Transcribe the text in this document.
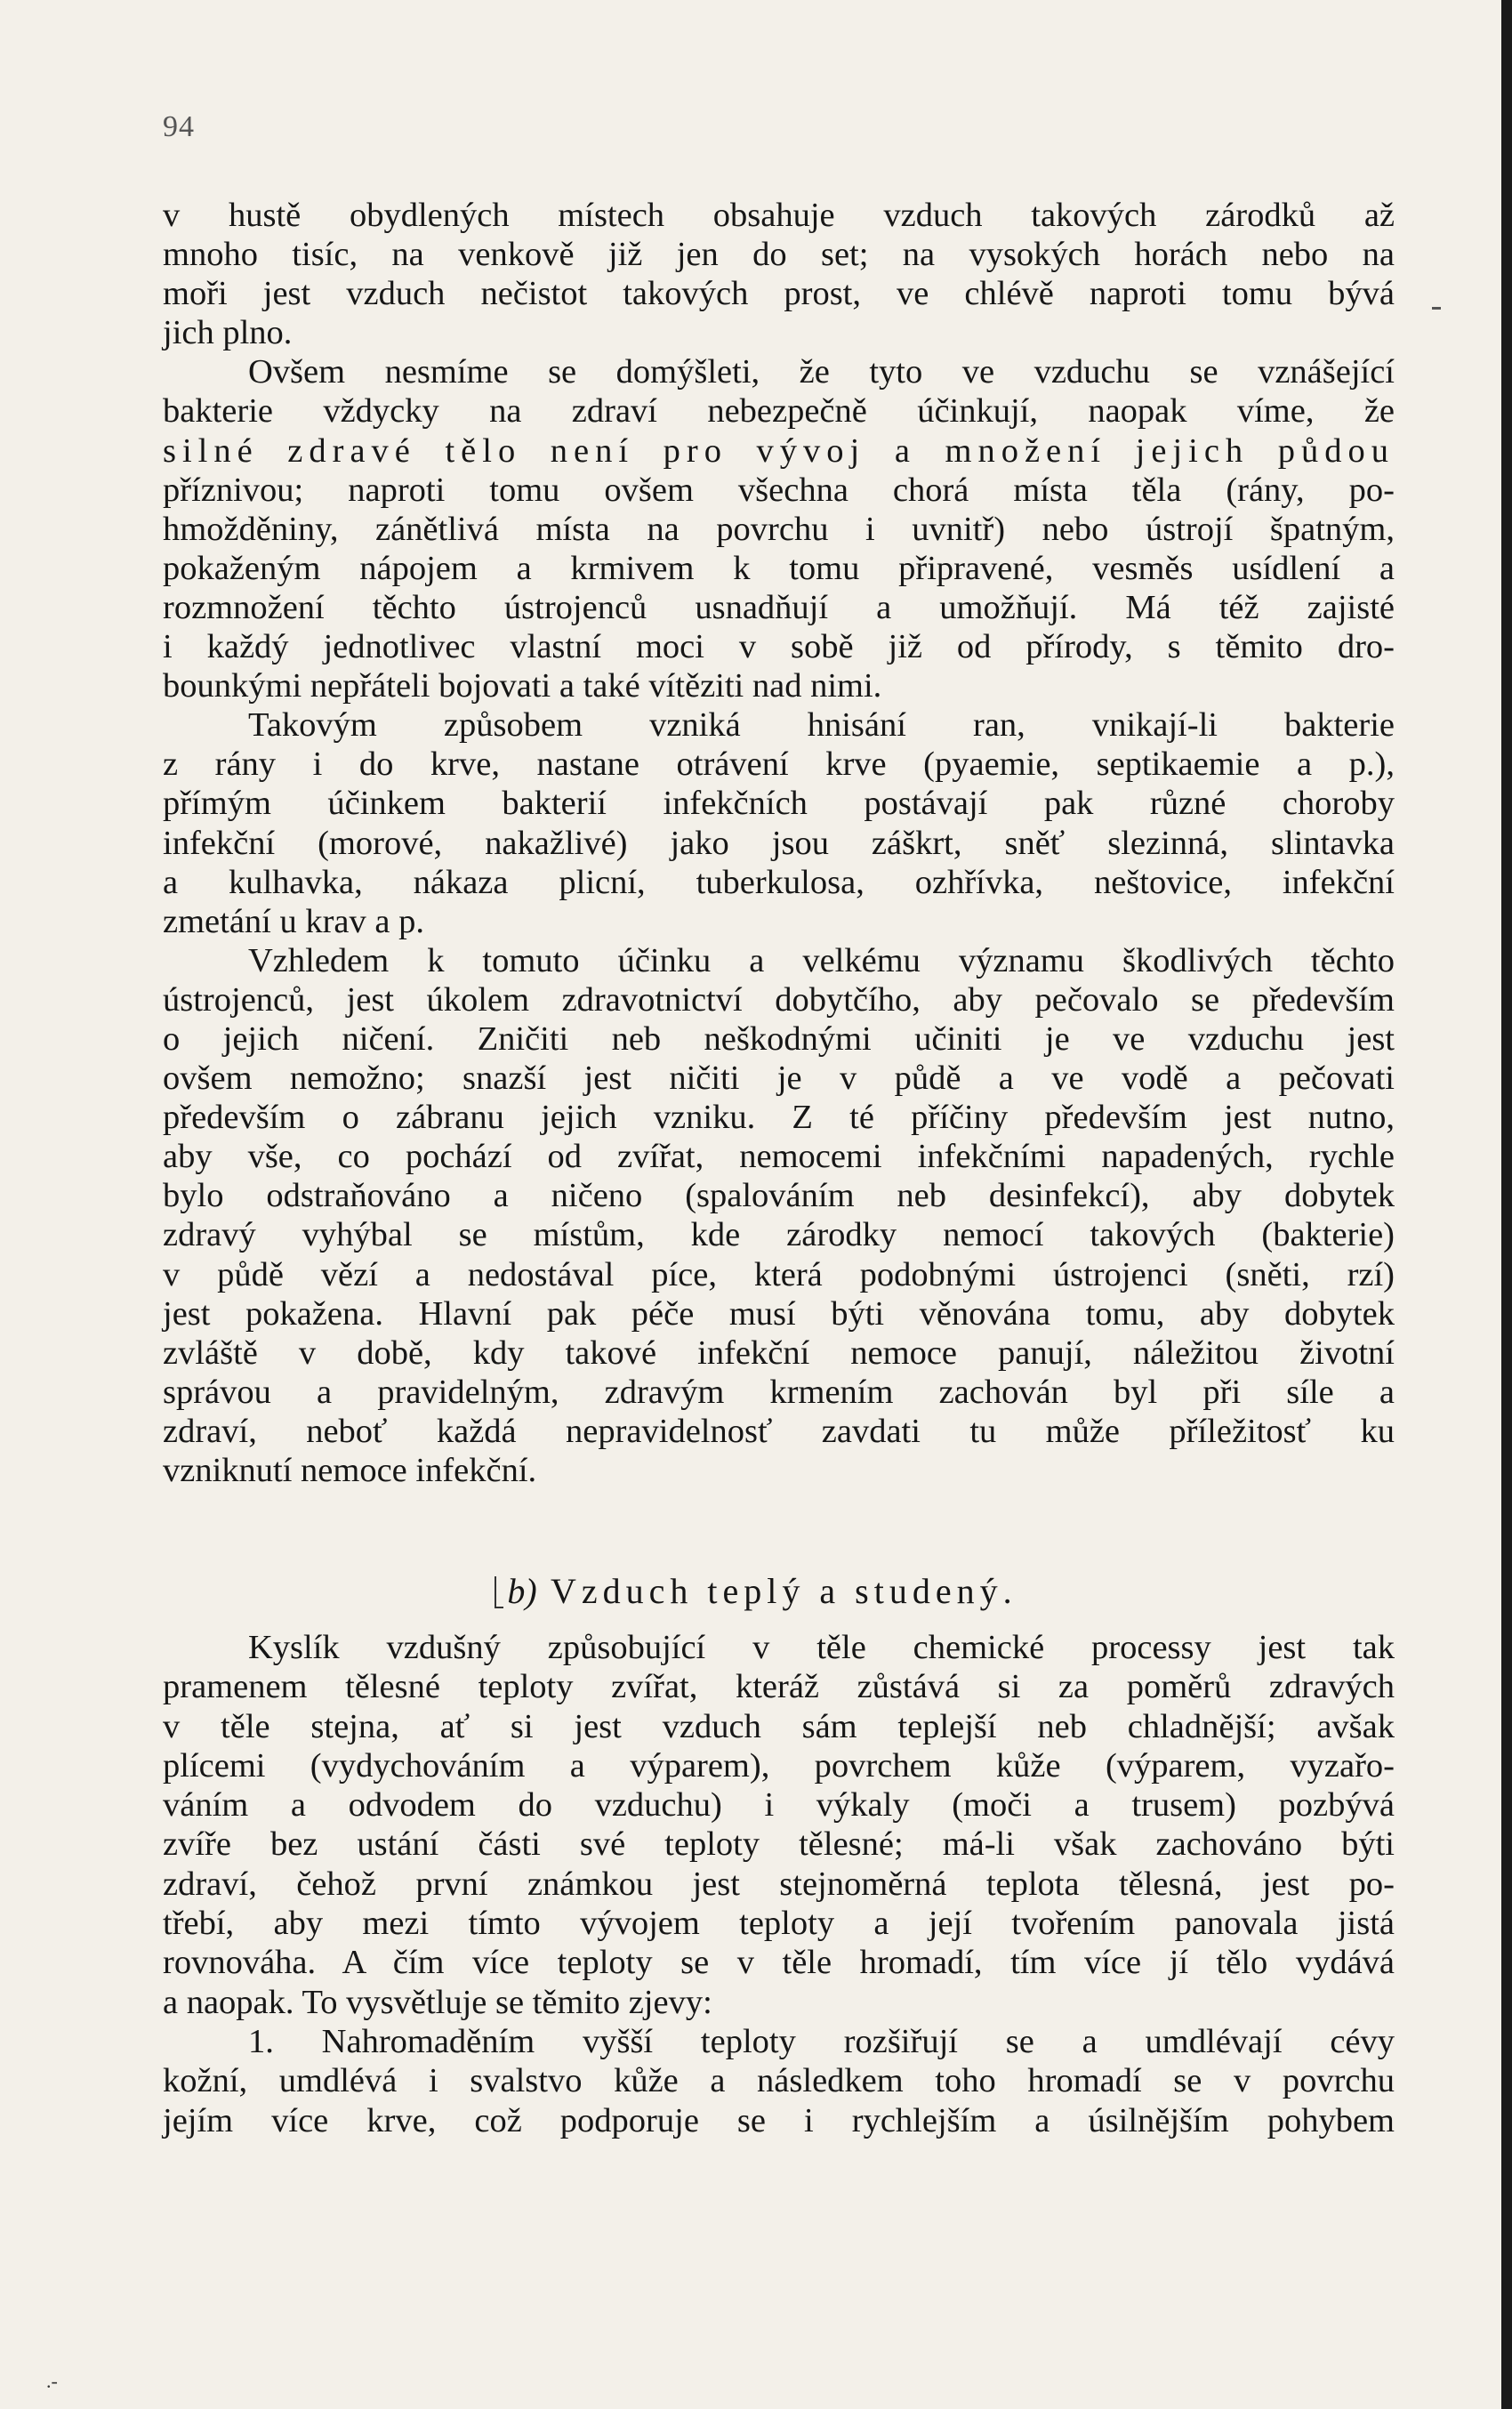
94
v hustě obydlených místech obsahuje vzduch takových zárodků až
mnoho tisíc, na venkově již jen do set; na vysokých horách nebo na
moři jest vzduch nečistot takových prost, ve chlévě naproti tomu bývá
jich plno.
Ovšem nesmíme se domýšleti, že tyto ve vzduchu se vznášející
bakterie vždycky na zdraví nebezpečně účinkují, naopak víme, že
silné zdravé tělo není pro vývoj a množení jejich půdou
příznivou; naproti tomu ovšem všechna chorá místa těla (rány, po-
hmožděniny, zánětlivá místa na povrchu i uvnitř) nebo ústrojí špatným,
pokaženým nápojem a krmivem k tomu připravené, vesměs usídlení a
rozmnožení těchto ústrojenců usnadňují a umožňují. Má též zajisté
i každý jednotlivec vlastní moci v sobě již od přírody, s těmito dro-
bounkými nepřáteli bojovati a také vítěziti nad nimi.
Takovým způsobem vzniká hnisání ran, vnikají-li bakterie
z rány i do krve, nastane otrávení krve (pyaemie, septikaemie a p.),
přímým účinkem bakterií infekčních postávají pak různé choroby
infekční (morové, nakažlivé) jako jsou záškrt, sněť slezinná, slintavka
a kulhavka, nákaza plicní, tuberkulosa, ozhřívka, neštovice, infekční
zmetání u krav a p.
Vzhledem k tomuto účinku a velkému významu škodlivých těchto
ústrojenců, jest úkolem zdravotnictví dobytčího, aby pečovalo se především
o jejich ničení. Zničiti neb neškodnými učiniti je ve vzduchu jest
ovšem nemožno; snazší jest ničiti je v půdě a ve vodě a pečovati
především o zábranu jejich vzniku. Z té příčiny především jest nutno,
aby vše, co pochází od zvířat, nemocemi infekčními napadených, rychle
bylo odstraňováno a ničeno (spalováním neb desinfekcí), aby dobytek
zdravý vyhýbal se místům, kde zárodky nemocí takových (bakterie)
v půdě vězí a nedostával píce, která podobnými ústrojenci (sněti, rzí)
jest pokažena. Hlavní pak péče musí býti věnována tomu, aby dobytek
zvláště v době, kdy takové infekční nemoce panují, náležitou životní
správou a pravidelným, zdravým krmením zachován byl při síle a
zdraví, neboť každá nepravidelnosť zavdati tu může příležitosť ku
vzniknutí nemoce infekční.
b) Vzduch teplý a studený.
Kyslík vzdušný způsobující v těle chemické processy jest tak
pramenem tělesné teploty zvířat, kteráž zůstává si za poměrů zdravých
v těle stejna, ať si jest vzduch sám teplejší neb chladnější; avšak
plícemi (vydychováním a výparem), povrchem kůže (výparem, vyzařo-
váním a odvodem do vzduchu) i výkaly (moči a trusem) pozbývá
zvíře bez ustání části své teploty tělesné; má-li však zachováno býti
zdraví, čehož první známkou jest stejnoměrná teplota tělesná, jest po-
třebí, aby mezi tímto vývojem teploty a její tvořením panovala jistá
rovnováha. A čím více teploty se v těle hromadí, tím více jí tělo vydává
a naopak. To vysvětluje se těmito zjevy:
1. Nahromaděním vyšší teploty rozšiřují se a umdlévají cévy
kožní, umdlévá i svalstvo kůže a následkem toho hromadí se v povrchu
jejím více krve, což podporuje se i rychlejším a úsilnějším pohybem
.-
